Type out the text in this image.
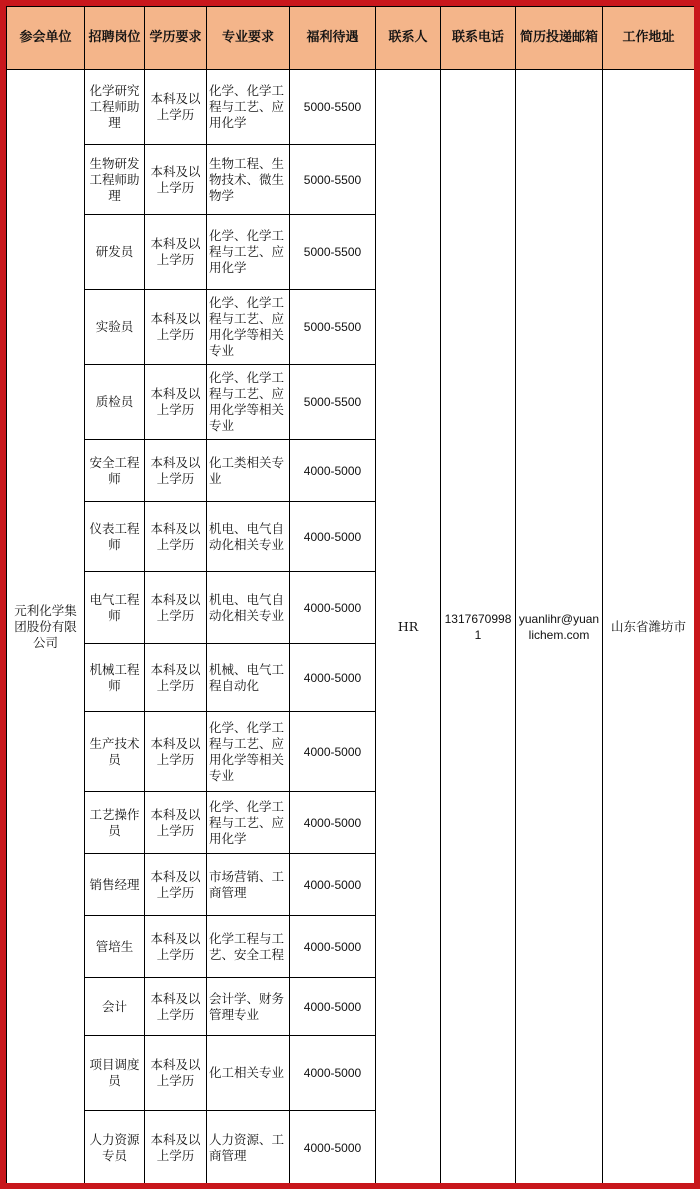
参会单位	招聘岗位	学历要求	专业要求	福利待遇	联系人	联系电话	简历投递邮箱	工作地址
元利化学集团股份有限公司	化学研究工程师助理	本科及以上学历	化学、化学工程与工艺、应用化学	5000-5500	HR	13176709981	yuanlihr@yuanlichem.com	山东省潍坊市
	生物研发工程师助理	本科及以上学历	生物工程、生物技术、微生物学	5000-5500				
	研发员	本科及以上学历	化学、化学工程与工艺、应用化学	5000-5500				
	实验员	本科及以上学历	化学、化学工程与工艺、应用化学等相关专业	5000-5500				
	质检员	本科及以上学历	化学、化学工程与工艺、应用化学等相关专业	5000-5500				
	安全工程师	本科及以上学历	化工类相关专业	4000-5000				
	仪表工程师	本科及以上学历	机电、电气自动化相关专业	4000-5000				
	电气工程师	本科及以上学历	机电、电气自动化相关专业	4000-5000				
	机械工程师	本科及以上学历	机械、电气工程自动化	4000-5000				
	生产技术员	本科及以上学历	化学、化学工程与工艺、应用化学等相关专业	4000-5000				
	工艺操作员	本科及以上学历	化学、化学工程与工艺、应用化学	4000-5000				
	销售经理	本科及以上学历	市场营销、工商管理	4000-5000				
	管培生	本科及以上学历	化学工程与工艺、安全工程	4000-5000				
	会计	本科及以上学历	会计学、财务管理专业	4000-5000				
	项目调度员	本科及以上学历	化工相关专业	4000-5000				
	人力资源专员	本科及以上学历	人力资源、工商管理	4000-5000				
